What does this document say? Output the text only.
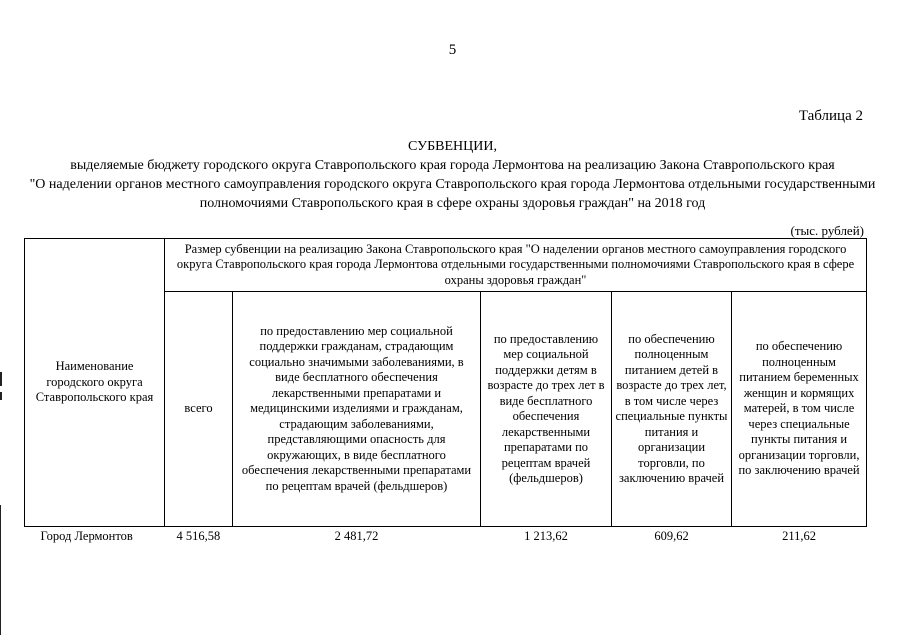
5
Таблица 2
СУБВЕНЦИИ,
выделяемые бюджету городского округа Ставропольского края города Лермонтова на реализацию Закона Ставропольского края
"О наделении органов местного самоуправления городского округа Ставропольского края города Лермонтова отдельными государственными
полномочиями Ставропольского края в сфере охраны здоровья граждан" на 2018 год
(тыс. рублей)
Наименование городского округа Ставропольского края	Размер субвенции на реализацию Закона Ставропольского края "О наделении органов местного самоуправления городского округа Ставропольского края города Лермонтова отдельными государственными полномочиями Ставропольского края в сфере охраны здоровья граждан"				
	всего	по предоставлению мер социальной поддержки гражданам, страдающим социально значимыми заболеваниями, в виде бесплатного обеспечения лекарственными препаратами и медицинскими изделиями и гражданам, страдающим заболеваниями, представляющими опасность для окружающих, в виде бесплатного обеспечения лекарственными препаратами по рецептам врачей (фельдшеров)	по предоставлению мер социальной поддержки детям в возрасте до трех лет в виде бесплатного обеспечения лекарственными препаратами по рецептам врачей (фельдшеров)	по обеспечению полноценным питанием детей в возрасте до трех лет, в том числе через специальные пункты питания и организации торговли, по заключению врачей	по обеспечению полноценным питанием беременных женщин и кормящих матерей, в том числе через специальные пункты питания и организации торговли, по заключению врачей
Город Лермонтов	4 516,58	2 481,72	1 213,62	609,62	211,62
